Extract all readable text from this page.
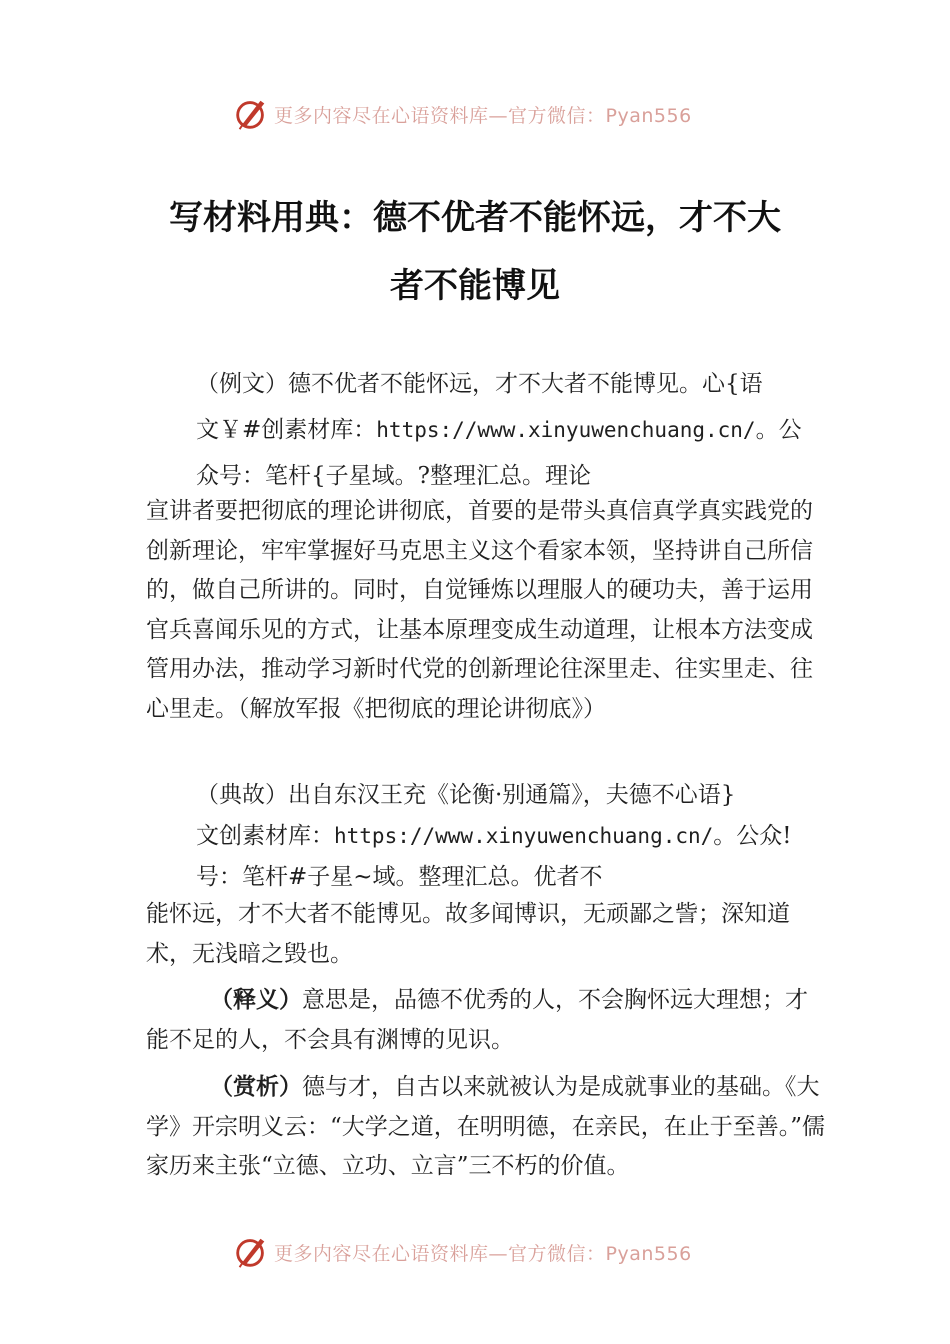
更多内容尽在心语资料库—官方微信：Pyan556
写材料用典：德不优者不能怀远，才不大
者不能博见
（例文）德不优者不能怀远，才不大者不能博见。心{语
文￥#创素材库：https://www.xinyuwenchuang.cn/。公
众号：笔杆{子星域。?整理汇总。理论

宣讲者要把彻底的理论讲彻底，首要的是带头真信真学真实践党的创新理论，牢牢掌握好马克思主义这个看家本领，坚持讲自己所信的，做自己所讲的。同时，自觉锤炼以理服人的硬功夫，善于运用官兵喜闻乐见的方式，让基本原理变成生动道理，让根本方法变成管用办法，推动学习新时代党的创新理论往深里走、往实里走、往心里走。（解放军报《把彻底的理论讲彻底》）

（典故）出自东汉王充《论衡·别通篇》，夫德不心语}
文创素材库：https://www.xinyuwenchuang.cn/。公众!
号：笔杆#子星~域。整理汇总。优者不

能怀远，才不大者不能博见。故多闻博识，无顽鄙之訾；深知道术，无浅暗之毁也。

（释义）意思是，品德不优秀的人，不会胸怀远大理想；才能不足的人，不会具有渊博的见识。

（赏析）德与才，自古以来就被认为是成就事业的基础。《大学》开宗明义云：“大学之道，在明明德，在亲民，在止于至善。”儒家历来主张“立德、立功、立言”三不朽的价值。

更多内容尽在心语资料库—官方微信：Pyan556
